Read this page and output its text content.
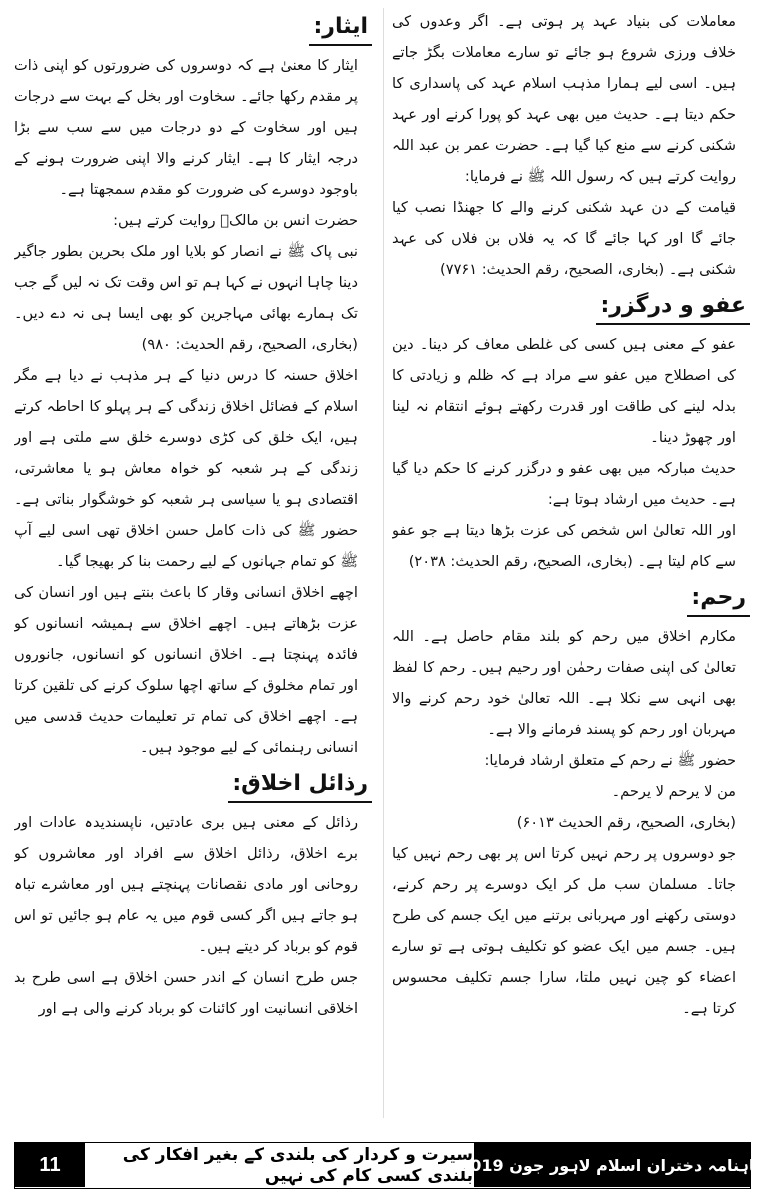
معاملات کی بنیاد عہد پر ہوتی ہے۔ اگر وعدوں کی خلاف ورزی شروع ہو جائے تو سارے معاملات بگڑ جاتے ہیں۔ اسی لیے ہمارا مذہب اسلام عہد کی پاسداری کا حکم دیتا ہے۔ حدیث میں بھی عہد کو پورا کرنے اور عہد شکنی کرنے سے منع کیا گیا ہے۔ حضرت عمر بن عبد اللہ روایت کرتے ہیں کہ رسول اللہ ﷺ نے فرمایا:

قیامت کے دن عہد شکنی کرنے والے کا جھنڈا نصب کیا جائے گا اور کہا جائے گا کہ یہ فلاں بن فلاں کی عہد شکنی ہے۔ (بخاری، الصحیح، رقم الحدیث: ۷۷۶۱)

عفو و درگزر:

عفو کے معنی ہیں کسی کی غلطی معاف کر دینا۔ دین کی اصطلاح میں عفو سے مراد ہے کہ ظلم و زیادتی کا بدلہ لینے کی طاقت اور قدرت رکھتے ہوئے انتقام نہ لینا اور چھوڑ دینا۔

حدیث مبارکہ میں بھی عفو و درگزر کرنے کا حکم دیا گیا ہے۔ حدیث میں ارشاد ہوتا ہے:

اور اللہ تعالیٰ اس شخص کی عزت بڑھا دیتا ہے جو عفو سے کام لیتا ہے۔ (بخاری، الصحیح، رقم الحدیث: ۲۰۳۸)

رحم:

مکارم اخلاق میں رحم کو بلند مقام حاصل ہے۔ اللہ تعالیٰ کی اپنی صفات رحمٰن اور رحیم ہیں۔ رحم کا لفظ بھی انہی سے نکلا ہے۔ اللہ تعالیٰ خود رحم کرنے والا مہربان اور رحم کو پسند فرمانے والا ہے۔

حضور ﷺ نے رحم کے متعلق ارشاد فرمایا:

من لا یرحم لا یرحم۔

(بخاری، الصحیح، رقم الحدیث ۶۰۱۳)

جو دوسروں پر رحم نہیں کرتا اس پر بھی رحم نہیں کیا جاتا۔ مسلمان سب مل کر ایک دوسرے پر رحم کرنے، دوستی رکھنے اور مہربانی برتنے میں ایک جسم کی طرح ہیں۔ جسم میں ایک عضو کو تکلیف ہوتی ہے تو سارے اعضاء کو چین نہیں ملتا، سارا جسم تکلیف محسوس کرتا ہے۔

ایثار:

ایثار کا معنیٰ ہے کہ دوسروں کی ضرورتوں کو اپنی ذات پر مقدم رکھا جائے۔ سخاوت اور بخل کے بہت سے درجات ہیں اور سخاوت کے دو درجات میں سے سب سے بڑا درجہ ایثار کا ہے۔ ایثار کرنے والا اپنی ضرورت ہونے کے باوجود دوسرے کی ضرورت کو مقدم سمجھتا ہے۔

حضرت انس بن مالکؓ روایت کرتے ہیں:

نبی پاک ﷺ نے انصار کو بلایا اور ملک بحرین بطور جاگیر دینا چاہا انہوں نے کہا ہم تو اس وقت تک نہ لیں گے جب تک ہمارے بھائی مہاجرین کو بھی ایسا ہی نہ دے دیں۔ (بخاری، الصحیح، رقم الحدیث: ۹۸۰)

اخلاق حسنہ کا درس دنیا کے ہر مذہب نے دیا ہے مگر اسلام کے فضائل اخلاق زندگی کے ہر پہلو کا احاطہ کرتے ہیں، ایک خلق کی کڑی دوسرے خلق سے ملتی ہے اور زندگی کے ہر شعبہ کو خواہ معاش ہو یا معاشرتی، اقتصادی ہو یا سیاسی ہر شعبہ کو خوشگوار بناتی ہے۔ حضور ﷺ کی ذات کامل حسن اخلاق تھی اسی لیے آپ ﷺ کو تمام جہانوں کے لیے رحمت بنا کر بھیجا گیا۔

اچھے اخلاق انسانی وقار کا باعث بنتے ہیں اور انسان کی عزت بڑھاتے ہیں۔ اچھے اخلاق سے ہمیشہ انسانوں کو فائدہ پہنچتا ہے۔ اخلاق انسانوں کو انسانوں، جانوروں اور تمام مخلوق کے ساتھ اچھا سلوک کرنے کی تلقین کرتا ہے۔ اچھے اخلاق کی تمام تر تعلیمات حدیث قدسی میں انسانی رہنمائی کے لیے موجود ہیں۔

رذائل اخلاق:

رذائل کے معنی ہیں بری عادتیں، ناپسندیدہ عادات اور برے اخلاق، رذائل اخلاق سے افراد اور معاشروں کو روحانی اور مادی نقصانات پہنچتے ہیں اور معاشرے تباہ ہو جاتے ہیں اگر کسی قوم میں یہ عام ہو جائیں تو اس قوم کو برباد کر دیتے ہیں۔

جس طرح انسان کے اندر حسن اخلاق ہے اسی طرح بد اخلاقی انسانیت اور کائنات کو برباد کرنے والی ہے اور

11	سیرت و کردار کی بلندی کے بغیر افکار کی بلندی کسی کام کی نہیں
ماہنامہ دختران اسلام لاہور جون 2019
